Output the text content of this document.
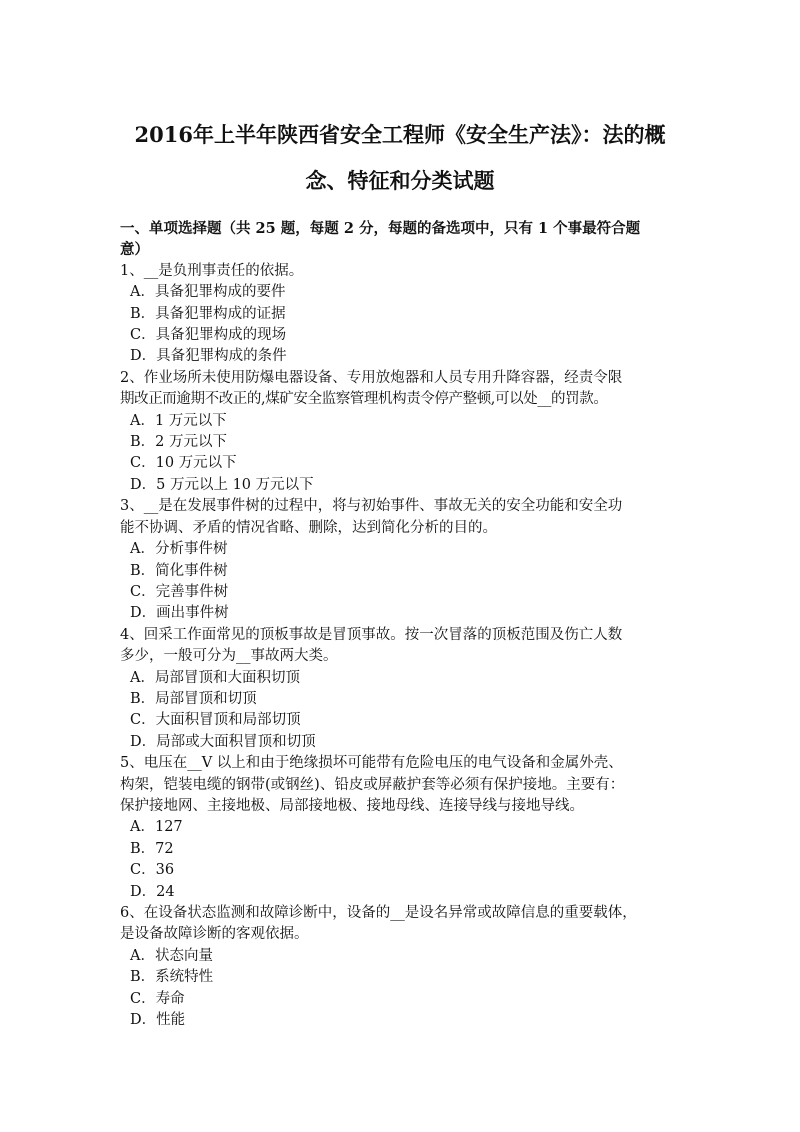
2016年上半年陕西省安全工程师《安全生产法》：法的概
念、特征和分类试题
一、单项选择题（共 25 题，每题 2 分，每题的备选项中，只有 1 个事最符合题
意）
1、__是负刑事责任的依据。
A．具备犯罪构成的要件
B．具备犯罪构成的证据
C．具备犯罪构成的现场
D．具备犯罪构成的条件
2、作业场所未使用防爆电器设备、专用放炮器和人员专用升降容器，经责令限
期改正而逾期不改正的,煤矿安全监察管理机构责令停产整顿,可以处__的罚款。
A．1 万元以下
B．2 万元以下
C．10 万元以下
D．5 万元以上 10 万元以下
3、__是在发展事件树的过程中，将与初始事件、事故无关的安全功能和安全功
能不协调、矛盾的情况省略、删除，达到简化分析的目的。
A．分析事件树
B．简化事件树
C．完善事件树
D．画出事件树
4、回采工作面常见的顶板事故是冒顶事故。按一次冒落的顶板范围及伤亡人数
多少，一般可分为__事故两大类。
A．局部冒顶和大面积切顶
B．局部冒顶和切顶
C．大面积冒顶和局部切顶
D．局部或大面积冒顶和切顶
5、电压在__V 以上和由于绝缘损坏可能带有危险电压的电气设备和金属外壳、
构架，铠装电缆的钢带(或钢丝)、铅皮或屏蔽护套等必须有保护接地。主要有：
保护接地网、主接地极、局部接地极、接地母线、连接导线与接地导线。
A．127
B．72
C．36
D．24
6、在设备状态监测和故障诊断中，设备的__是设名异常或故障信息的重要载体，
是设备故障诊断的客观依据。
A．状态向量
B．系统特性
C．寿命
D．性能
